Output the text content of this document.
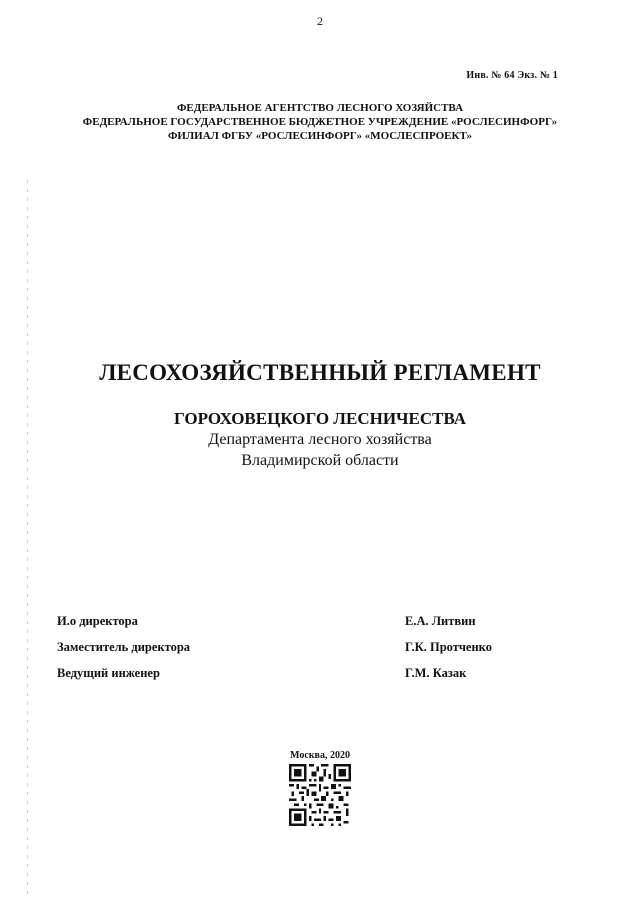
2
Инв. № 64 Экз. № 1
ФЕДЕРАЛЬНОЕ АГЕНТСТВО ЛЕСНОГО ХОЗЯЙСТВА
ФЕДЕРАЛЬНОЕ ГОСУДАРСТВЕННОЕ БЮДЖЕТНОЕ УЧРЕЖДЕНИЕ «РОСЛЕСИНФОРГ»
ФИЛИАЛ ФГБУ «РОСЛЕСИНФОРГ» «МОСЛЕСПРОЕКТ»
ЛЕСОХОЗЯЙСТВЕННЫЙ РЕГЛАМЕНТ
ГОРОХОВЕЦКОГО ЛЕСНИЧЕСТВА
Департамента лесного хозяйства
Владимирской области
И.о директора	Е.А. Литвин
Заместитель директора	Г.К. Протченко
Ведущий инженер	Г.М. Казак
Москва, 2020
